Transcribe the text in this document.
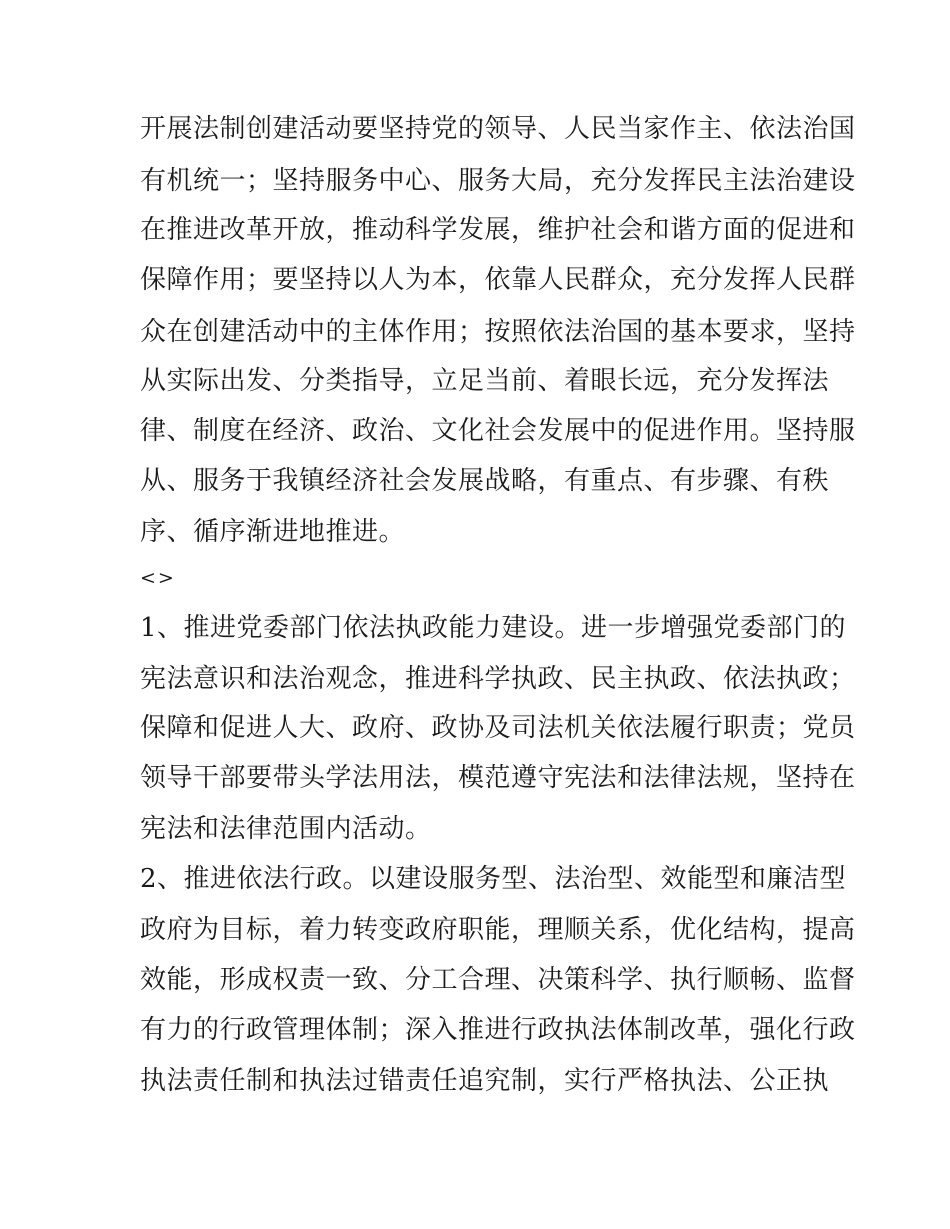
开展法制创建活动要坚持党的领导、人民当家作主、依法治国
有机统一；坚持服务中心、服务大局，充分发挥民主法治建设
在推进改革开放，推动科学发展，维护社会和谐方面的促进和
保障作用；要坚持以人为本，依靠人民群众，充分发挥人民群
众在创建活动中的主体作用；按照依法治国的基本要求，坚持
从实际出发、分类指导，立足当前、着眼长远，充分发挥法
律、制度在经济、政治、文化社会发展中的促进作用。坚持服
从、服务于我镇经济社会发展战略，有重点、有步骤、有秩
序、循序渐进地推进。
<>
1、推进党委部门依法执政能力建设。进一步增强党委部门的
宪法意识和法治观念，推进科学执政、民主执政、依法执政；
保障和促进人大、政府、政协及司法机关依法履行职责；党员
领导干部要带头学法用法，模范遵守宪法和法律法规，坚持在
宪法和法律范围内活动。
2、推进依法行政。以建设服务型、法治型、效能型和廉洁型
政府为目标，着力转变政府职能，理顺关系，优化结构，提高
效能，形成权责一致、分工合理、决策科学、执行顺畅、监督
有力的行政管理体制；深入推进行政执法体制改革，强化行政
执法责任制和执法过错责任追究制，实行严格执法、公正执
